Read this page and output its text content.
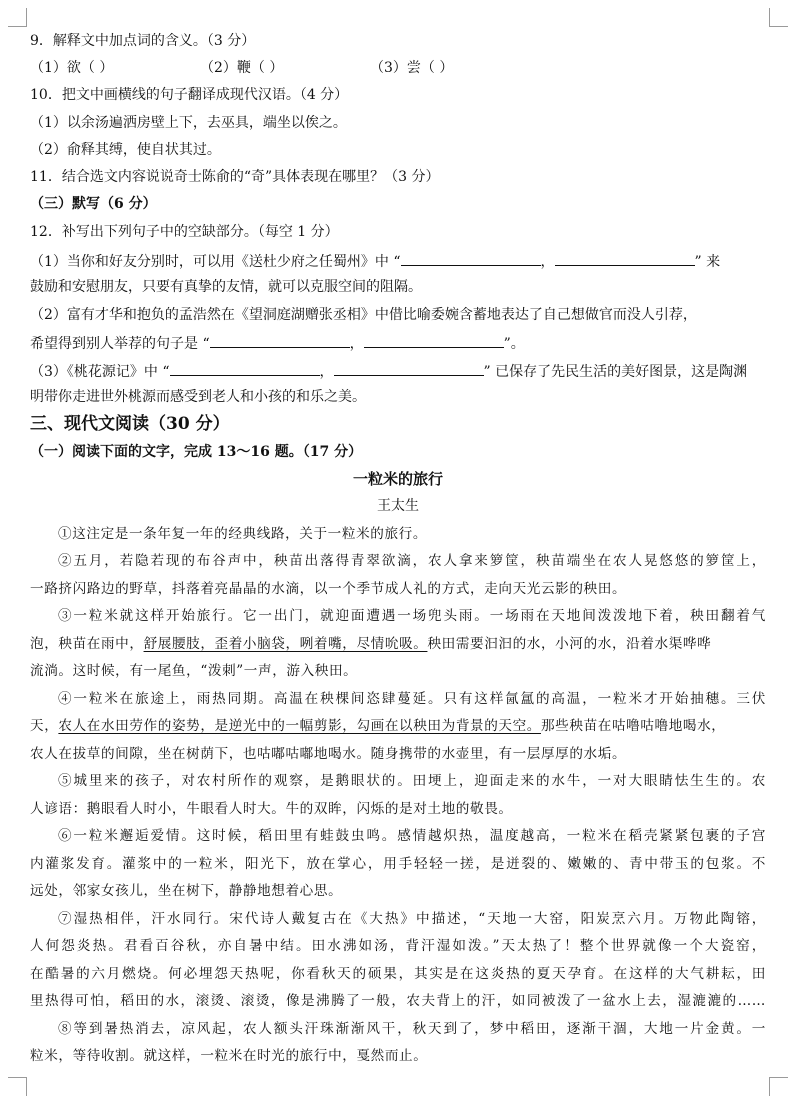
9．解释文中加点词的含义。（3 分）
（1）欲（ ）	（2）鞭（ ）	（3）尝（ ）
10．把文中画横线的句子翻译成现代汉语。（4 分）
（1）以余汤遍洒房壁上下，去巫具，端坐以俟之。
（2）俞释其缚，使自状其过。
11．结合选文内容说说奇士陈俞的“奇”具体表现在哪里？（3 分）
（三）默写（6 分）
12．补写出下列句子中的空缺部分。（每空 1 分）
（1）当你和好友分别时，可以用《送杜少府之任蜀州》中 “	，	” 来
鼓励和安慰朋友，只要有真挚的友情，就可以克服空间的阻隔。
（2）富有才华和抱负的孟浩然在《望洞庭湖赠张丞相》中借比喻委婉含蓄地表达了自己想做官而没人引荐，
希望得到别人举荐的句子是 “	，	”。
（3）《桃花源记》中 “	，	” 已保存了先民生活的美好图景，这是陶渊
明带你走进世外桃源而感受到老人和小孩的和乐之美。
三、现代文阅读（30 分）
（一）阅读下面的文字，完成 13～16 题。（17 分）
一粒米的旅行
王太生
①这注定是一条年复一年的经典线路，关于一粒米的旅行。
②五月，若隐若现的布谷声中，秧苗出落得青翠欲滴，农人拿来箩筐，秧苗端坐在农人晃悠悠的箩筐上，
一路挤闪路边的野草，抖落着亮晶晶的水滴，以一个季节成人礼的方式，走向天光云影的秧田。
③一粒米就这样开始旅行。它一出门，就迎面遭遇一场兜头雨。一场雨在天地间泼泼地下着，秧田翻着气
泡，秧苗在雨中，舒展腰肢，歪着小脑袋，咧着嘴，尽情吮吸。秧田需要汩汩的水，小河的水，沿着水渠哗哗
流淌。这时候，有一尾鱼，“泼刺”一声，游入秧田。
④一粒米在旅途上，雨热同期。高温在秧棵间恣肆蔓延。只有这样氤氲的高温，一粒米才开始抽穗。三伏
天，农人在水田劳作的姿势，是逆光中的一幅剪影，勾画在以秧田为背景的天空。那些秧苗在咕噜咕噜地喝水，
农人在拔草的间隙，坐在树荫下，也咕嘟咕嘟地喝水。随身携带的水壶里，有一层厚厚的水垢。
⑤城里来的孩子，对农村所作的观察，是鹅眼状的。田埂上，迎面走来的水牛，一对大眼睛怯生生的。农
人谚语：鹅眼看人时小，牛眼看人时大。牛的双眸，闪烁的是对土地的敬畏。
⑥一粒米邂逅爱情。这时候，稻田里有蛙鼓虫鸣。感情越炽热，温度越高，一粒米在稻壳紧紧包裹的子宫
内灌浆发育。灌浆中的一粒米，阳光下，放在掌心，用手轻轻一搓，是迸裂的、嫩嫩的、青中带玉的包浆。不
远处，邻家女孩儿，坐在树下，静静地想着心思。
⑦湿热相伴，汗水同行。宋代诗人戴复古在《大热》中描述，“天地一大窑，阳炭烹六月。万物此陶镕，
人何怨炎热。君看百谷秋，亦自暑中结。田水沸如汤，背汗湿如泼。”天太热了！整个世界就像一个大瓷窑，
在酷暑的六月燃烧。何必埋怨天热呢，你看秋天的硕果，其实是在这炎热的夏天孕育。在这样的大气耕耘，田
里热得可怕，稻田的水，滚烫、滚烫，像是沸腾了一般，农夫背上的汗，如同被泼了一盆水上去，湿漉漉的……
⑧等到暑热消去，凉风起，农人额头汗珠渐渐风干，秋天到了，梦中稻田，逐渐干涸，大地一片金黄。一
粒米，等待收割。就这样，一粒米在时光的旅行中，戛然而止。
